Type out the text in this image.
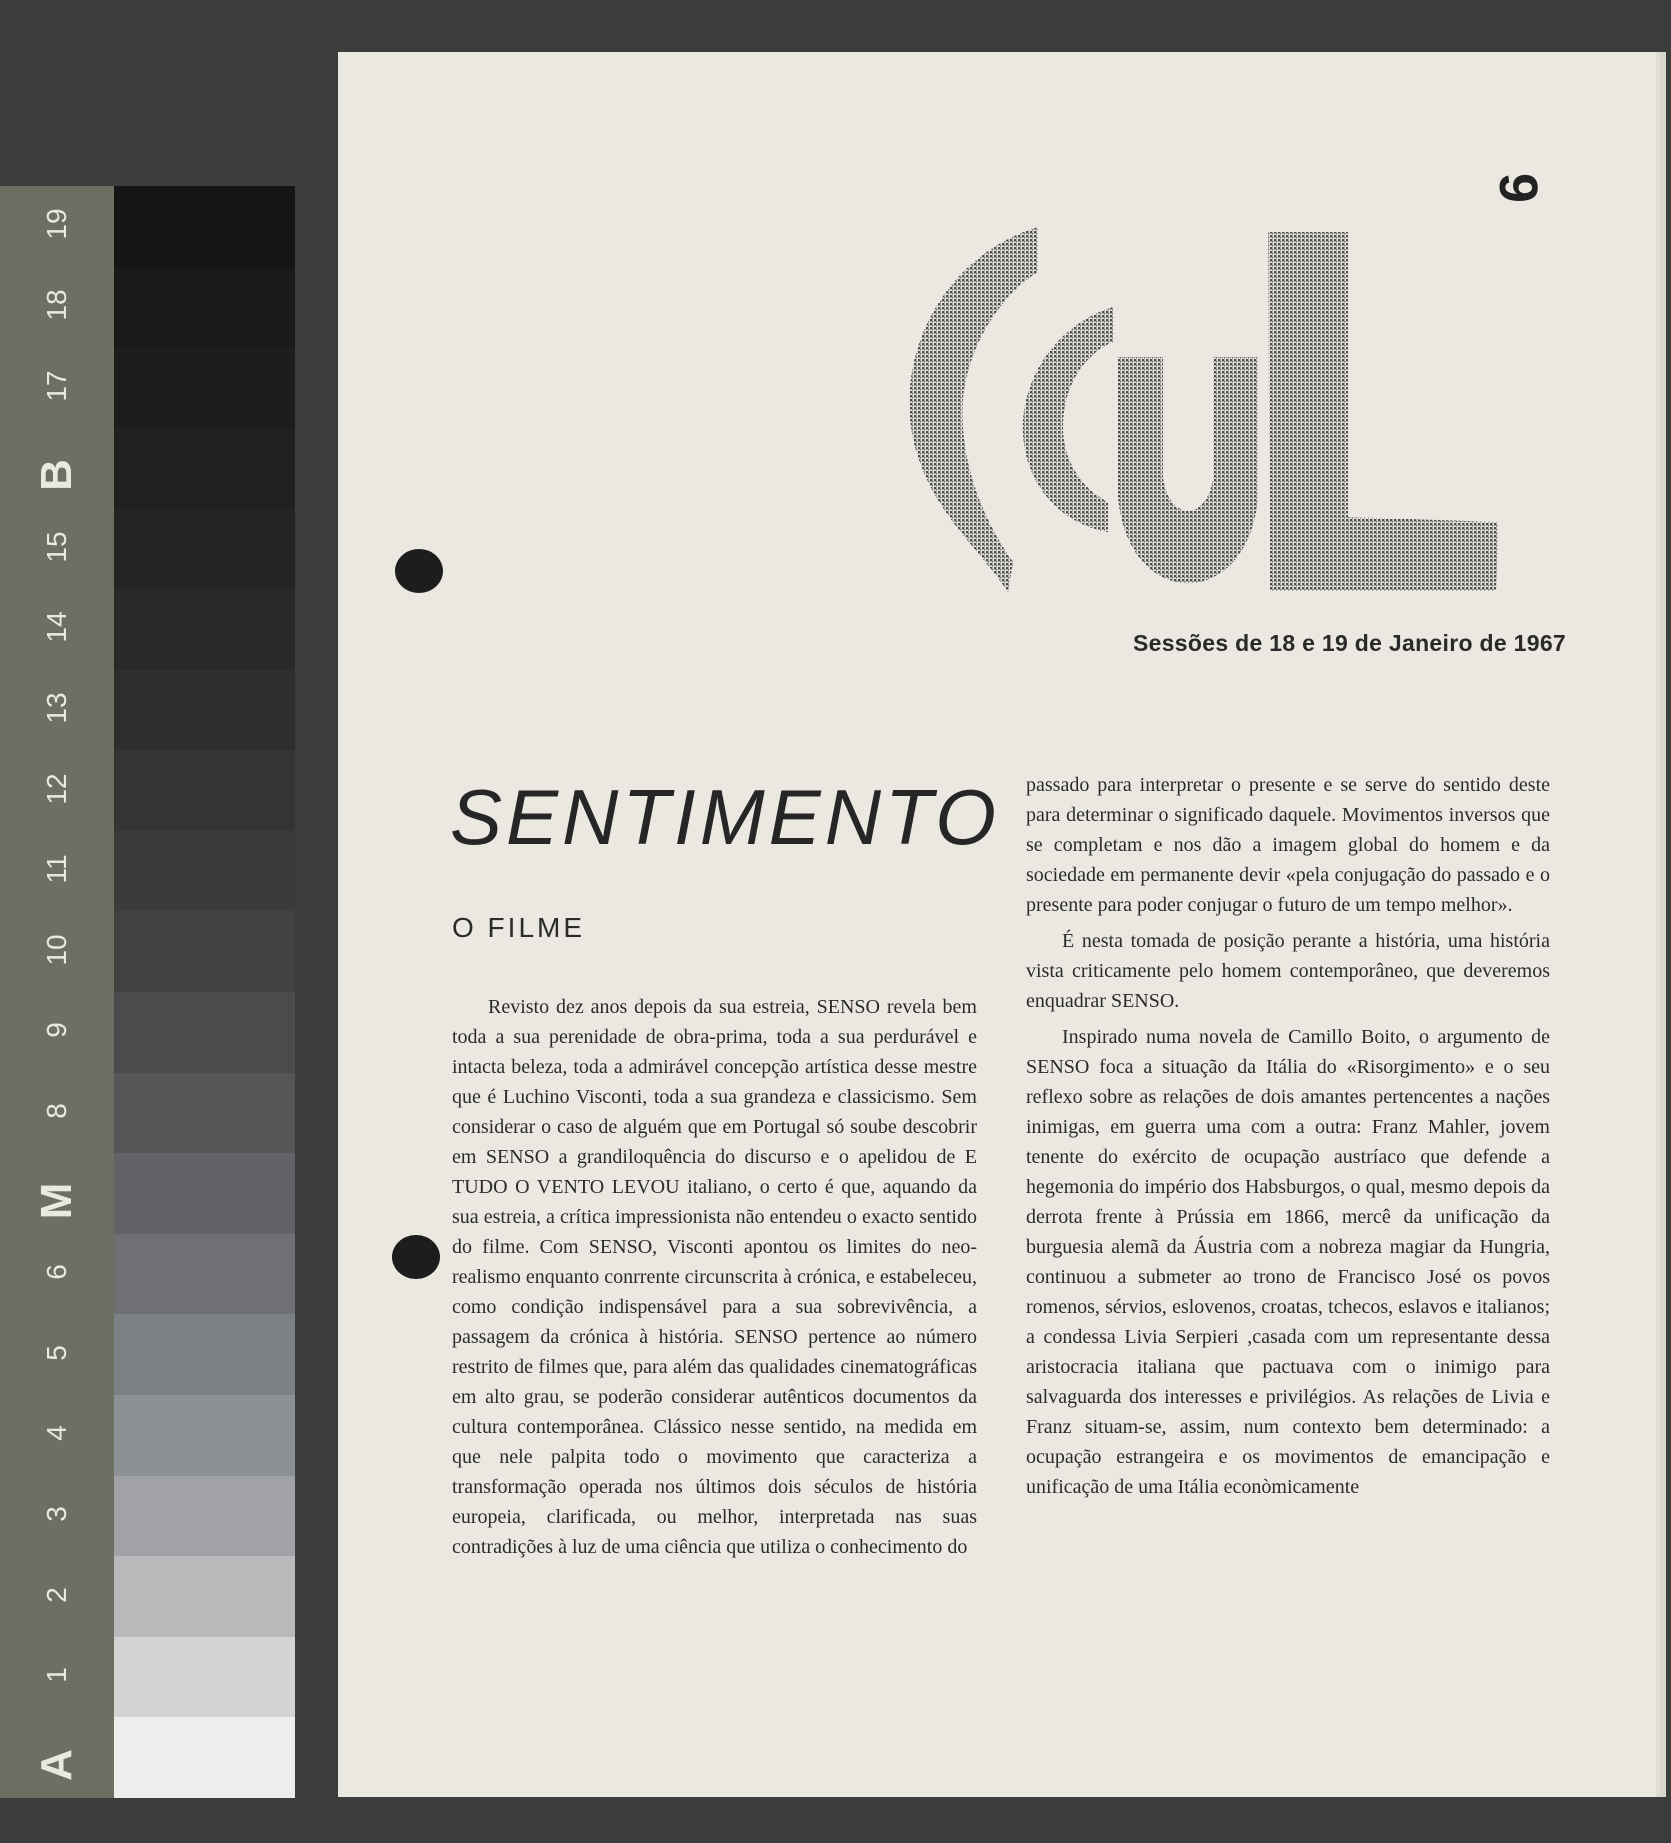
19
18
17
B
15
14
13
12
11
10
9
8
M
6
5
4
3
2
1
A
9
Sessões de 18 e 19 de Janeiro de 1967
SENTIMENTO
O FILME

Revisto dez anos depois da sua estreia, SENSO revela bem toda a sua perenidade de obra-prima, toda a sua perdurável e intacta beleza, toda a admirável concepção artística desse mestre que é Luchino Visconti, toda a sua grandeza e classicismo. Sem considerar o caso de alguém que em Portugal só soube descobrir em SENSO a grandiloquência do discurso e o apelidou de E TUDO O VENTO LEVOU italiano, o certo é que, aquando da sua estreia, a crítica impressionista não entendeu o exacto sentido do filme. Com SENSO, Visconti apontou os limites do neo-realismo enquanto conrrente circunscrita à crónica, e estabeleceu, como condição indispensável para a sua sobrevivência, a passagem da crónica à história. SENSO pertence ao número restrito de filmes que, para além das qualidades cinematográficas em alto grau, se poderão considerar autênticos documentos da cultura contemporânea. Clássico nesse sentido, na medida em que nele palpita todo o movimento que caracteriza a transformação operada nos últimos dois séculos de história europeia, clarificada, ou melhor, interpretada nas suas contradições à luz de uma ciência que utiliza o conhecimento do

passado para interpretar o presente e se serve do sentido deste para determinar o significado daquele. Movimentos inversos que se completam e nos dão a imagem global do homem e da sociedade em permanente devir «pela conjugação do passado e o presente para poder conjugar o futuro de um tempo melhor».

É nesta tomada de posição perante a história, uma história vista criticamente pelo homem contemporâneo, que deveremos enquadrar SENSO.

Inspirado numa novela de Camillo Boito, o argumento de SENSO foca a situação da Itália do «Risorgimento» e o seu reflexo sobre as relações de dois amantes pertencentes a nações inimigas, em guerra uma com a outra: Franz Mahler, jovem tenente do exército de ocupação austríaco que defende a hegemonia do império dos Habsburgos, o qual, mesmo depois da derrota frente à Prússia em 1866, mercê da unificação da burguesia alemã da Áustria com a nobreza magiar da Hungria, continuou a submeter ao trono de Francisco José os povos romenos, sérvios, eslovenos, croatas, tchecos, eslavos e italianos; a condessa Livia Serpieri ,casada com um representante dessa aristocracia italiana que pactuava com o inimigo para salvaguarda dos interesses e privilégios. As relações de Livia e Franz situam-se, assim, num contexto bem determinado: a ocupação estrangeira e os movimentos de emancipação e unificação de uma Itália econòmicamente
